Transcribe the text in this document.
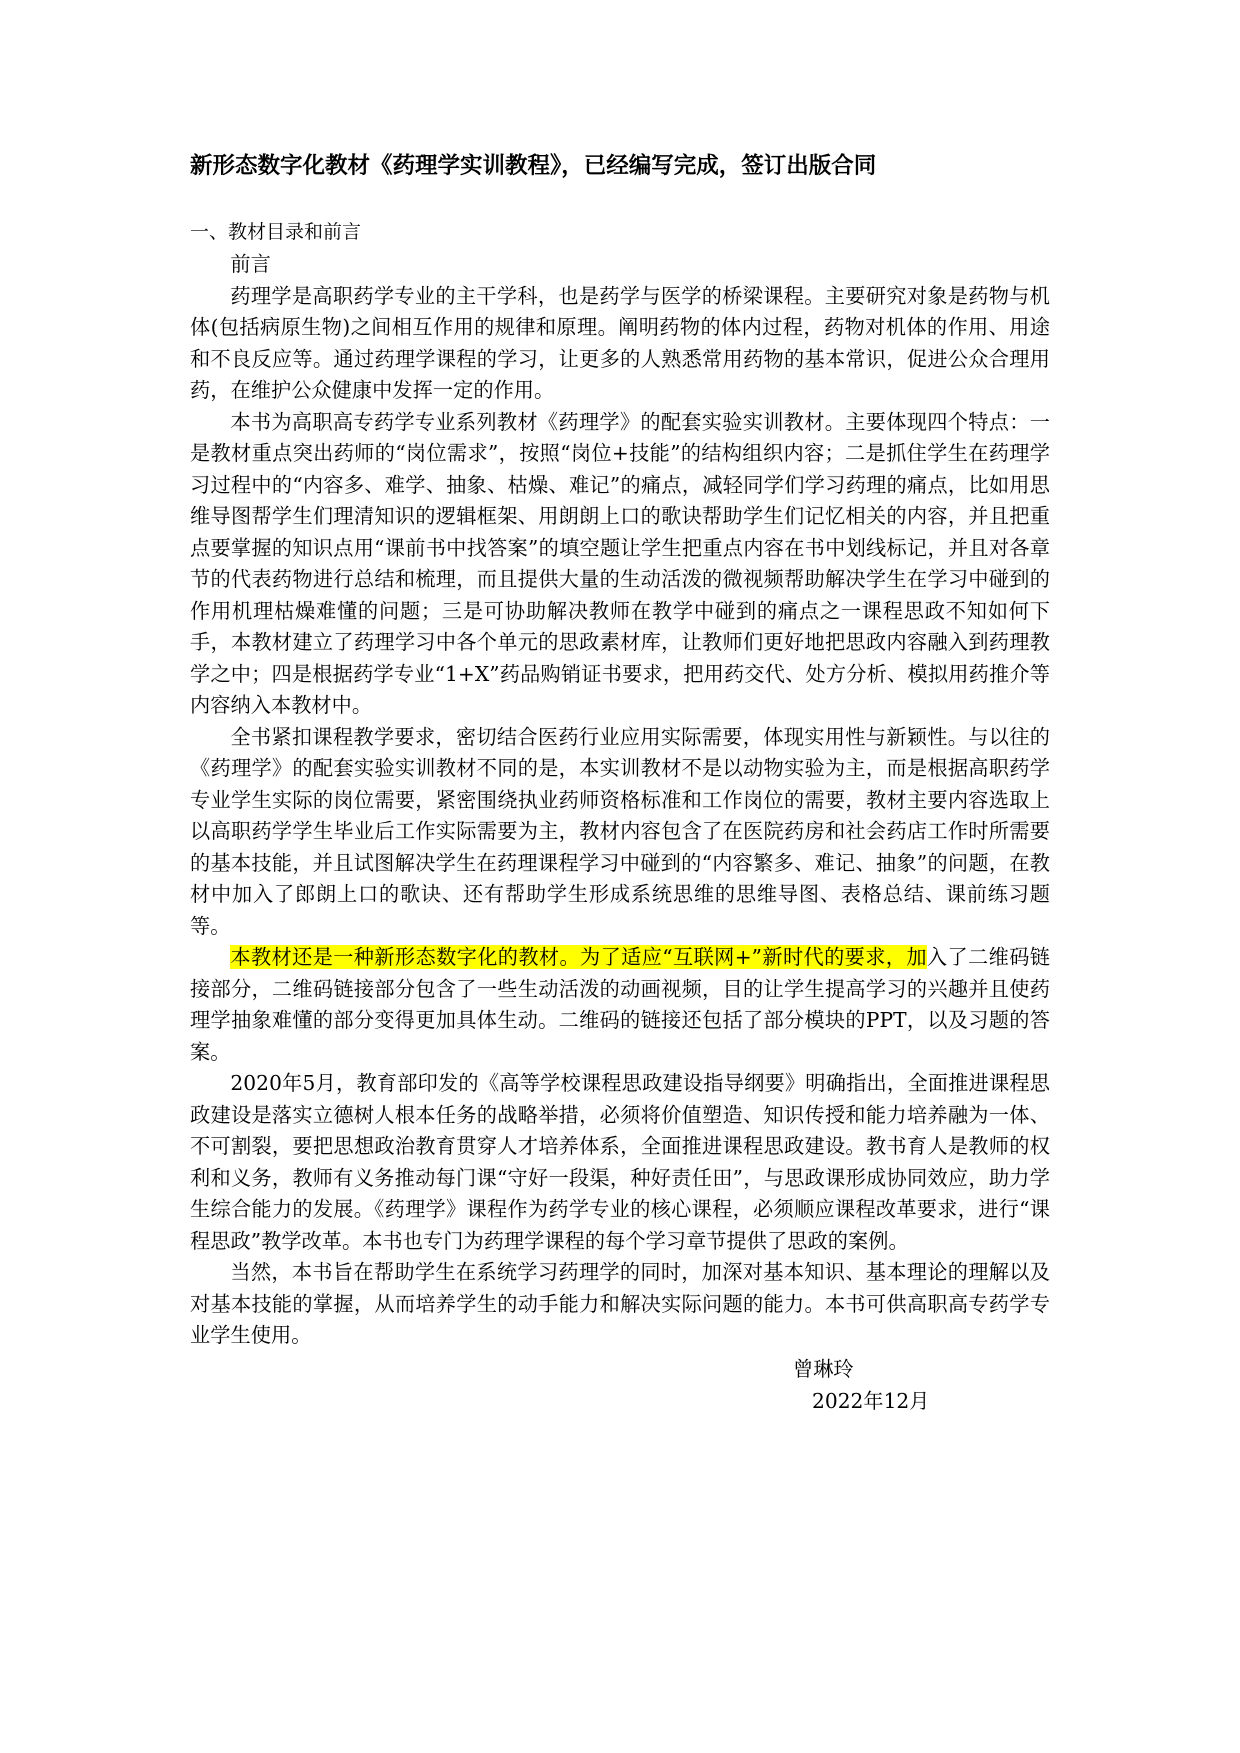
新形态数字化教材《药理学实训教程》，已经编写完成，签订出版合同
一、教材目录和前言

前言

药理学是高职药学专业的主干学科，也是药学与医学的桥梁课程。主要研究对象是药物与机体(包括病原生物)之间相互作用的规律和原理。阐明药物的体内过程，药物对机体的作用、用途和不良反应等。通过药理学课程的学习，让更多的人熟悉常用药物的基本常识，促进公众合理用药，在维护公众健康中发挥一定的作用。

本书为高职高专药学专业系列教材《药理学》的配套实验实训教材。主要体现四个特点：一是教材重点突出药师的“岗位需求”，按照“岗位+技能”的结构组织内容；二是抓住学生在药理学习过程中的“内容多、难学、抽象、枯燥、难记”的痛点，减轻同学们学习药理的痛点，比如用思维导图帮学生们理清知识的逻辑框架、用朗朗上口的歌诀帮助学生们记忆相关的内容，并且把重点要掌握的知识点用“课前书中找答案”的填空题让学生把重点内容在书中划线标记，并且对各章节的代表药物进行总结和梳理，而且提供大量的生动活泼的微视频帮助解决学生在学习中碰到的作用机理枯燥难懂的问题；三是可协助解决教师在教学中碰到的痛点之一课程思政不知如何下手，本教材建立了药理学习中各个单元的思政素材库，让教师们更好地把思政内容融入到药理教学之中；四是根据药学专业“1+X”药品购销证书要求，把用药交代、处方分析、模拟用药推介等内容纳入本教材中。

全书紧扣课程教学要求，密切结合医药行业应用实际需要，体现实用性与新颖性。与以往的《药理学》的配套实验实训教材不同的是，本实训教材不是以动物实验为主，而是根据高职药学专业学生实际的岗位需要，紧密围绕执业药师资格标准和工作岗位的需要，教材主要内容选取上以高职药学学生毕业后工作实际需要为主，教材内容包含了在医院药房和社会药店工作时所需要的基本技能，并且试图解决学生在药理课程学习中碰到的“内容繁多、难记、抽象”的问题，在教材中加入了郎朗上口的歌诀、还有帮助学生形成系统思维的思维导图、表格总结、课前练习题等。

本教材还是一种新形态数字化的教材。为了适应“互联网+”新时代的要求，加入了二维码链接部分，二维码链接部分包含了一些生动活泼的动画视频，目的让学生提高学习的兴趣并且使药理学抽象难懂的部分变得更加具体生动。二维码的链接还包括了部分模块的PPT，以及习题的答案。

2020年5月，教育部印发的《高等学校课程思政建设指导纲要》明确指出，全面推进课程思政建设是落实立德树人根本任务的战略举措，必须将价值塑造、知识传授和能力培养融为一体、不可割裂，要把思想政治教育贯穿人才培养体系，全面推进课程思政建设。教书育人是教师的权利和义务，教师有义务推动每门课“守好一段渠，种好责任田”，与思政课形成协同效应，助力学生综合能力的发展。《药理学》课程作为药学专业的核心课程，必须顺应课程改革要求，进行“课程思政”教学改革。本书也专门为药理学课程的每个学习章节提供了思政的案例。

当然，本书旨在帮助学生在系统学习药理学的同时，加深对基本知识、基本理论的理解以及对基本技能的掌握，从而培养学生的动手能力和解决实际问题的能力。本书可供高职高专药学专业学生使用。

曾琳玲
2022年12月
